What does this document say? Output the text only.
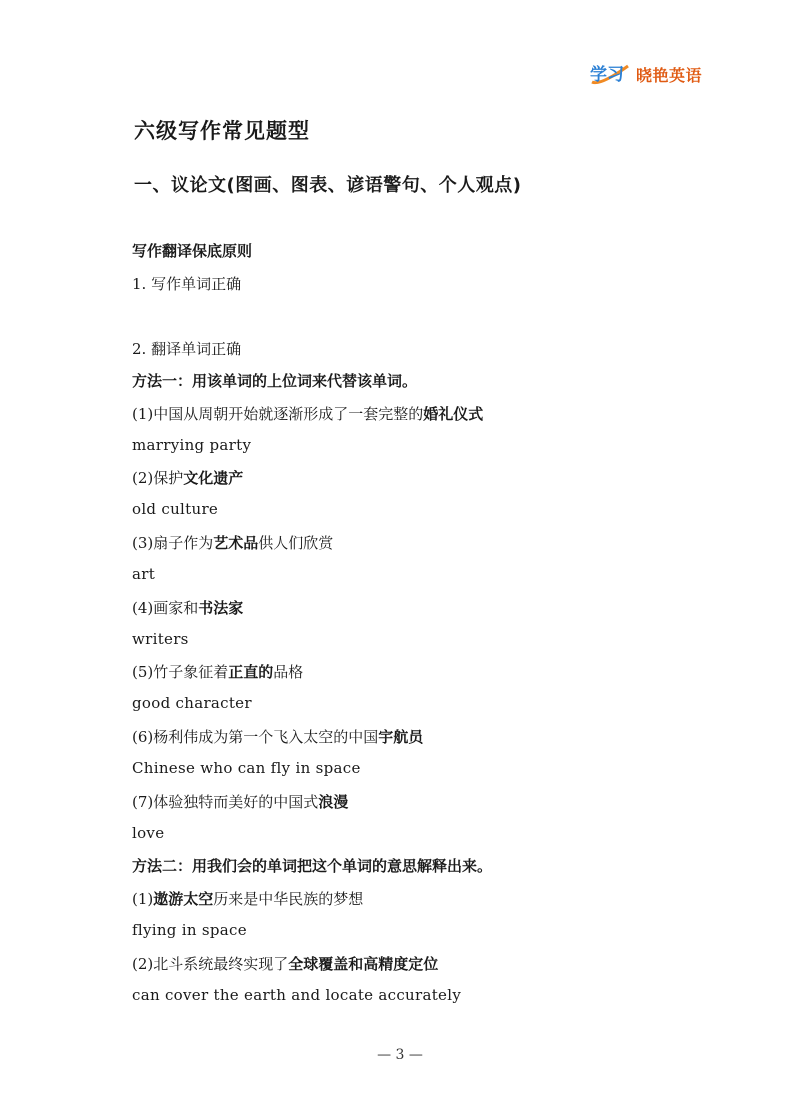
学习 晓艳英语
六级写作常见题型
一、议论文(图画、图表、谚语警句、个人观点)
写作翻译保底原则
1. 写作单词正确
2. 翻译单词正确
方法一：用该单词的上位词来代替该单词。
(1)中国从周朝开始就逐渐形成了一套完整的婚礼仪式
marrying party
(2)保护文化遗产
old culture
(3)扇子作为艺术品供人们欣赏
art
(4)画家和书法家
writers
(5)竹子象征着正直的品格
good character
(6)杨利伟成为第一个飞入太空的中国宇航员
Chinese who can fly in space
(7)体验独特而美好的中国式浪漫
love
方法二：用我们会的单词把这个单词的意思解释出来。
(1)遨游太空历来是中华民族的梦想
flying in space
(2)北斗系统最终实现了全球覆盖和高精度定位
can cover the earth and locate accurately
— 3 —
